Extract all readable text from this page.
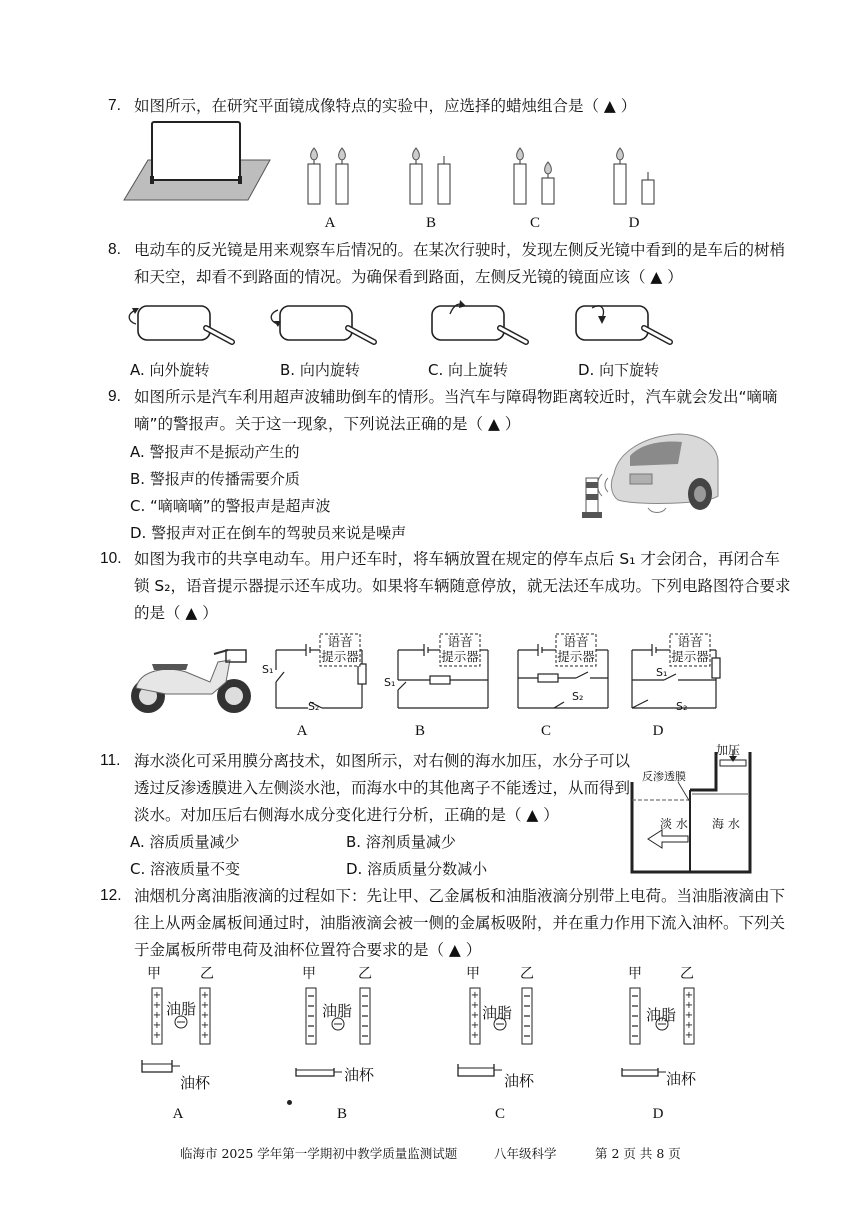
7. 如图所示，在研究平面镜成像特点的实验中，应选择的蜡烛组合是（ ▲ ）
A	B	C	D
8. 电动车的反光镜是用来观察车后情况的。在某次行驶时，发现左侧反光镜中看到的是车后的树梢
和天空，却看不到路面的情况。为确保看到路面，左侧反光镜的镜面应该（ ▲ ）
A. 向外旋转	B. 向内旋转	C. 向上旋转	D. 向下旋转
9. 如图所示是汽车利用超声波辅助倒车的情形。当汽车与障碍物距离较近时，汽车就会发出“嘀嘀
嘀”的警报声。关于这一现象，下列说法正确的是（ ▲ ）
A. 警报声不是振动产生的
B. 警报声的传播需要介质
C. “嘀嘀嘀”的警报声是超声波
D. 警报声对正在倒车的驾驶员来说是噪声
10. 如图为我市的共享电动车。用户还车时，将车辆放置在规定的停车点后 S₁ 才会闭合，再闭合车
锁 S₂，语音提示器提示还车成功。如果将车辆随意停放，就无法还车成功。下列电路图符合要求
的是（ ▲ ）
语音
提示器
S₁
S₂
语音
提示器
S₁
语音
提示器
S₂
语音
提示器
S₁
S₂
A	B	C	D
11. 海水淡化可采用膜分离技术，如图所示，对右侧的海水加压，水分子可以
透过反渗透膜进入左侧淡水池，而海水中的其他离子不能透过，从而得到
淡水。对加压后右侧海水成分变化进行分析，正确的是（ ▲ ）
A. 溶质质量减少	B. 溶剂质量减少
C. 溶液质量不变	D. 溶质质量分数减小
加压
反渗透膜
淡 水 海 水
12. 油烟机分离油脂液滴的过程如下：先让甲、乙金属板和油脂液滴分别带上电荷。当油脂液滴由下
往上从两金属板间通过时，油脂液滴会被一侧的金属板吸附，并在重力作用下流入油杯。下列关
于金属板所带电荷及油杯位置符合要求的是（ ▲ ）
甲	乙
+
+
+
+
+
+
+
+
+
+
油脂
油杯
甲	乙
油脂
油杯
甲	乙
+
+
+
+
+
油脂
油杯
甲	乙
+
+
+
+
+
油脂
油杯
A	B	C	D
临海市 2025 学年第一学期初中教学质量监测试题	八年级科学	第 2 页 共 8 页
